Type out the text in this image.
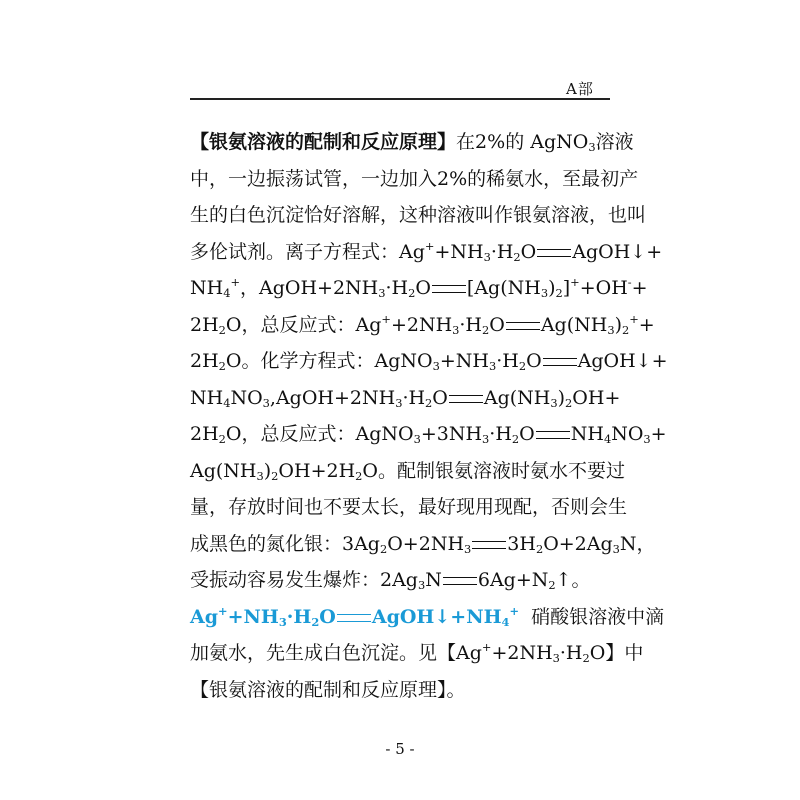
A部
【银氨溶液的配制和反应原理】在2%的 AgNO$_3$溶液
中，一边振荡试管，一边加入2%的稀氨水，至最初产
生的白色沉淀恰好溶解，这种溶液叫作银氨溶液，也叫
多伦试剂。离子方程式：$Ag^++NH_3\cdot H_2O$ AgOH↓+
$NH_4^+$，$AgOH+2NH_3\cdot H_2O$ $[Ag(NH_3)_2]^++OH^-+$
$2H_2O$，总反应式：$Ag^++2NH_3\cdot H_2O$ $Ag(NH_3)_2^++$
$2H_2O$。化学方程式：$AgNO_3+NH_3\cdot H_2O$ AgOH↓+
$NH_4NO_3,AgOH+2NH_3\cdot H_2O$ $Ag(NH_3)_2OH+$
$2H_2O$，总反应式：$AgNO_3+3NH_3\cdot H_2O$ $NH_4NO_3+$
$Ag(NH_3)_2OH+2H_2O$。配制银氨溶液时氨水不要过
量，存放时间也不要太长，最好现用现配，否则会生
成黑色的氮化银：$3Ag_2O+2NH_3$ $3H_2O+2Ag_3N$，
受振动容易发生爆炸：$2Ag_3N$ $6Ag+N_2↑$。
$Ag^++NH_3\cdot H_2O$ $AgOH↓+NH_4^+$ 硝酸银溶液中滴
加氨水，先生成白色沉淀。见【$Ag^++2NH_3\cdot H_2O$】中
【银氨溶液的配制和反应原理】。
- 5 -
